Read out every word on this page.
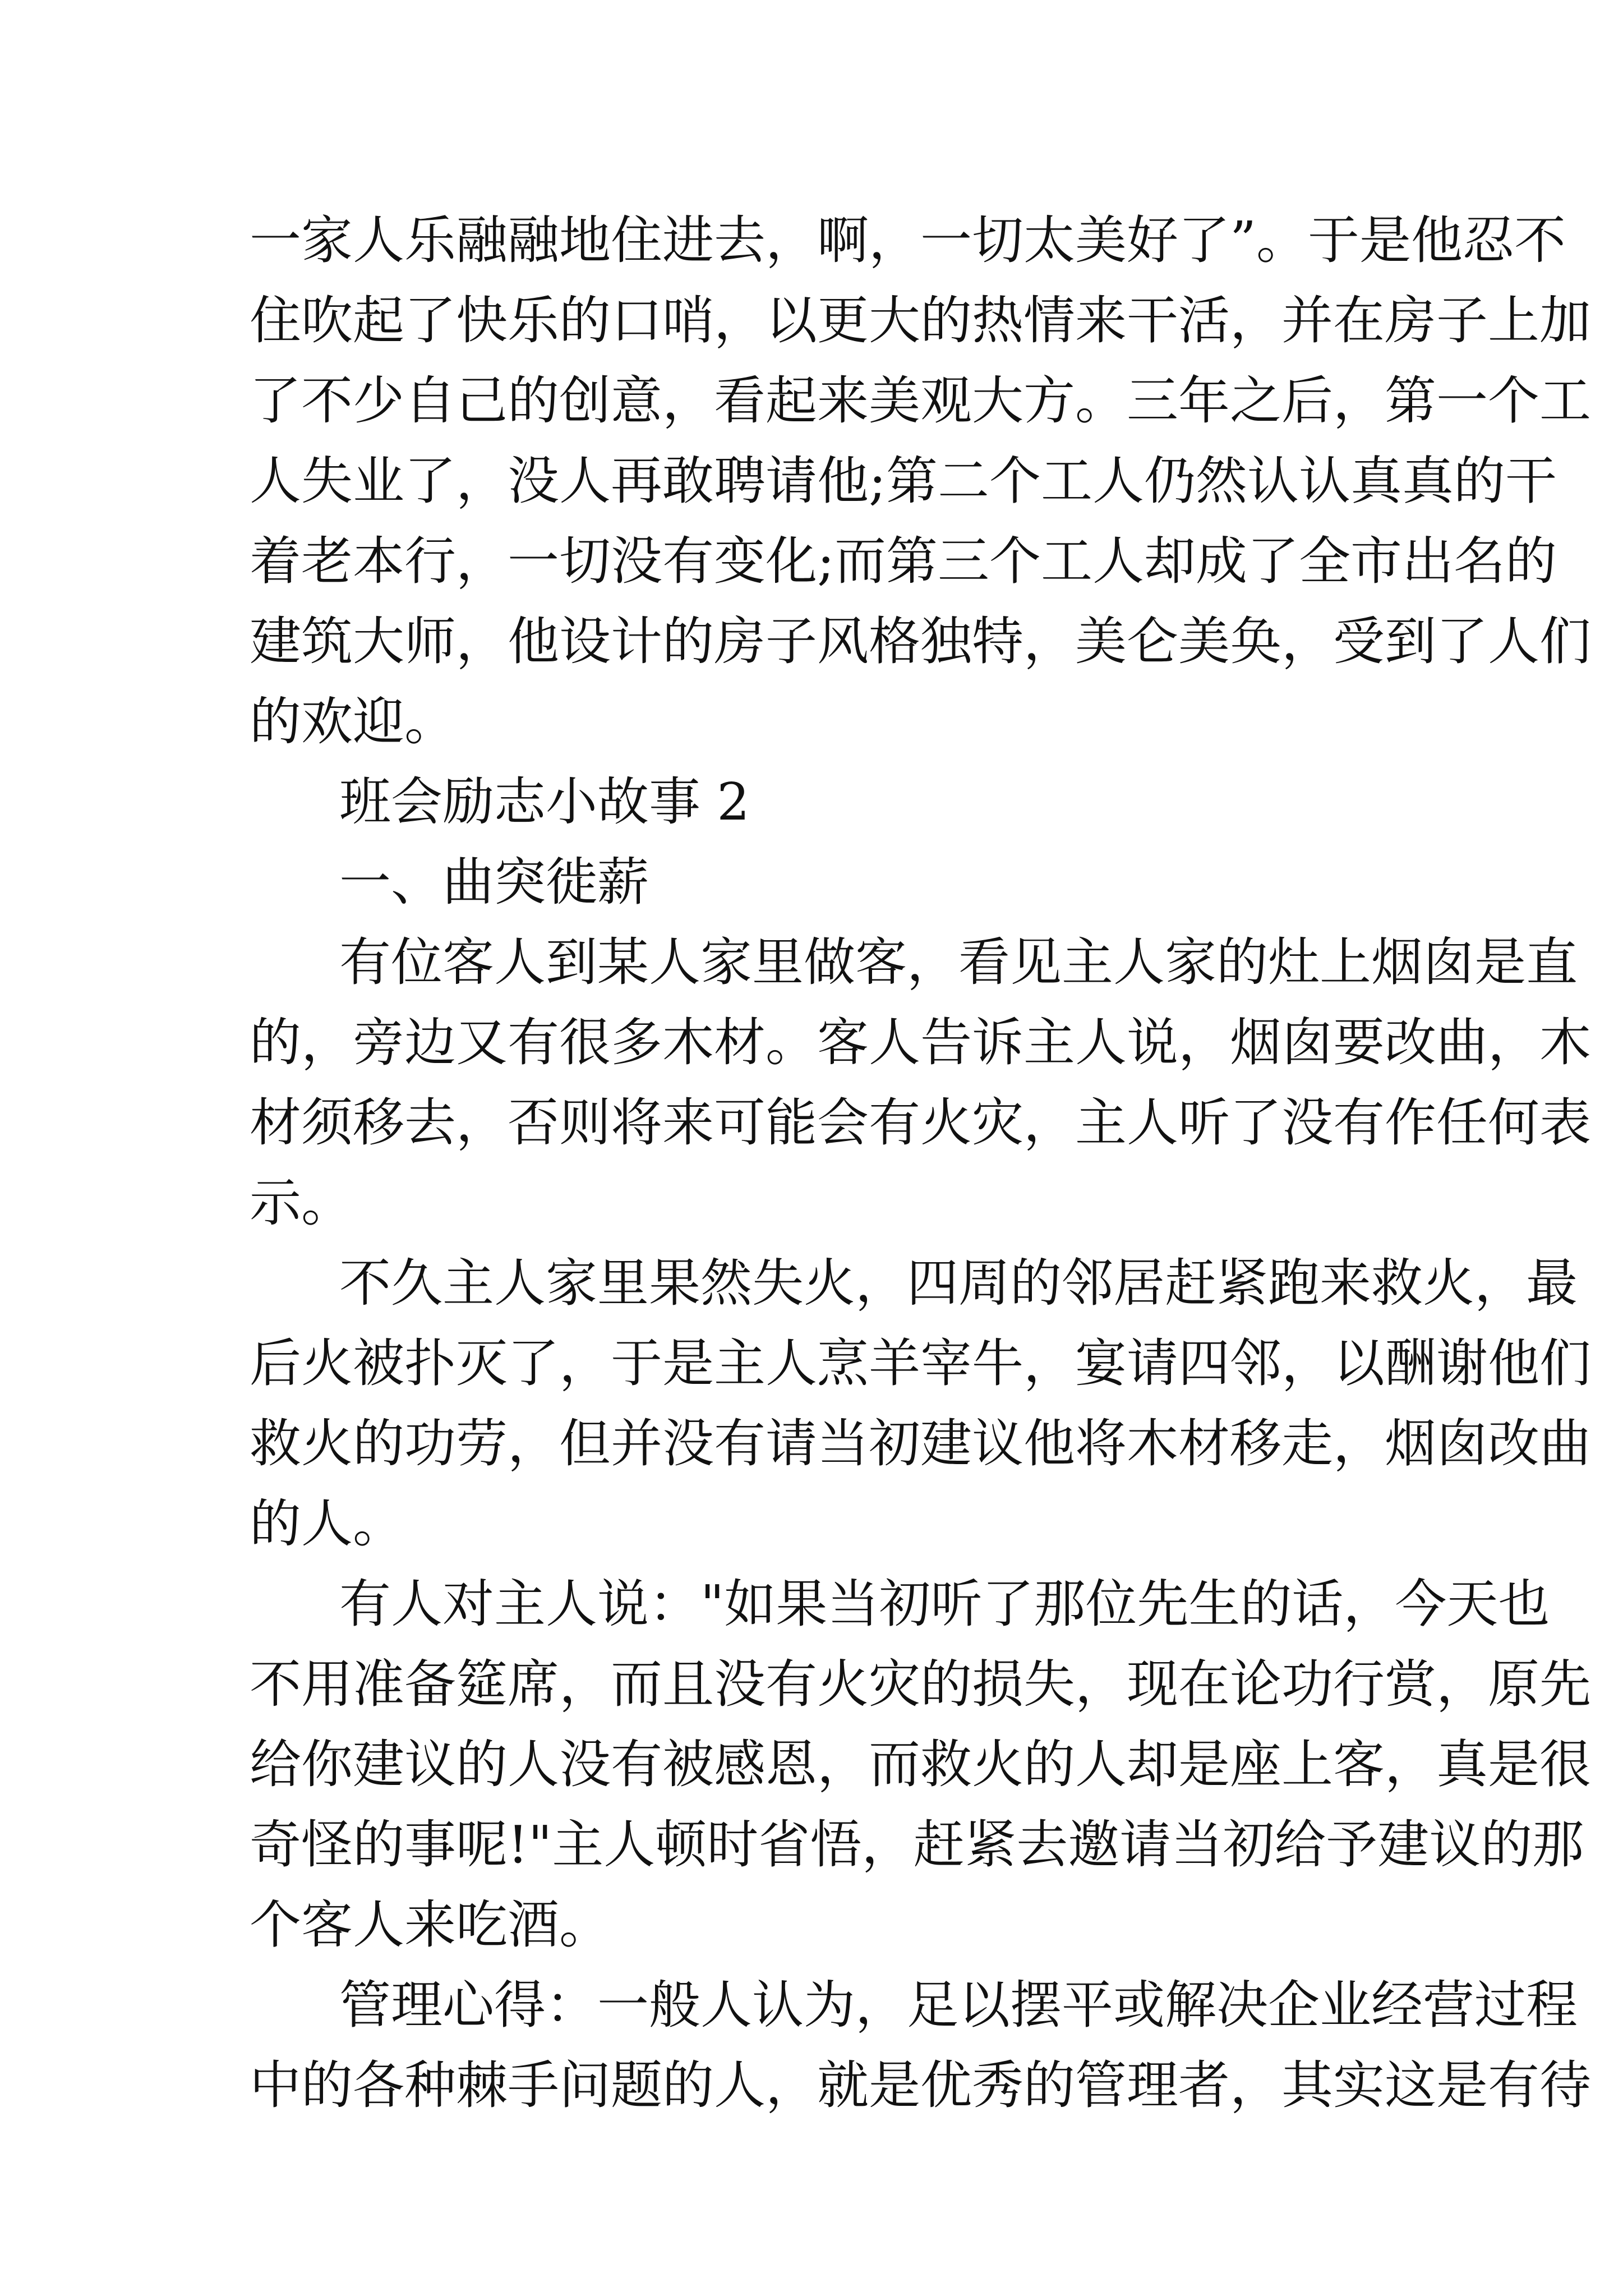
一家人乐融融地住进去，啊，一切太美好了”。于是他忍不
住吹起了快乐的口哨，以更大的热情来干活，并在房子上加
了不少自己的创意，看起来美观大方。三年之后，第一个工
人失业了，没人再敢聘请他;第二个工人仍然认认真真的干
着老本行，一切没有变化;而第三个工人却成了全市出名的
建筑大师，他设计的房子风格独特，美仑美奂，受到了人们
的欢迎。
班会励志小故事 2
一、曲突徙薪
有位客人到某人家里做客，看见主人家的灶上烟囱是直
的，旁边又有很多木材。客人告诉主人说，烟囱要改曲，木
材须移去，否则将来可能会有火灾，主人听了没有作任何表
示。
不久主人家里果然失火，四周的邻居赶紧跑来救火，最
后火被扑灭了，于是主人烹羊宰牛，宴请四邻，以酬谢他们
救火的功劳，但并没有请当初建议他将木材移走，烟囱改曲
的人。
有人对主人说："如果当初听了那位先生的话，今天也
不用准备筵席，而且没有火灾的损失，现在论功行赏，原先
给你建议的人没有被感恩，而救火的人却是座上客，真是很
奇怪的事呢!"主人顿时省悟，赶紧去邀请当初给予建议的那
个客人来吃酒。
管理心得：一般人认为，足以摆平或解决企业经营过程
中的各种棘手问题的人，就是优秀的管理者，其实这是有待
